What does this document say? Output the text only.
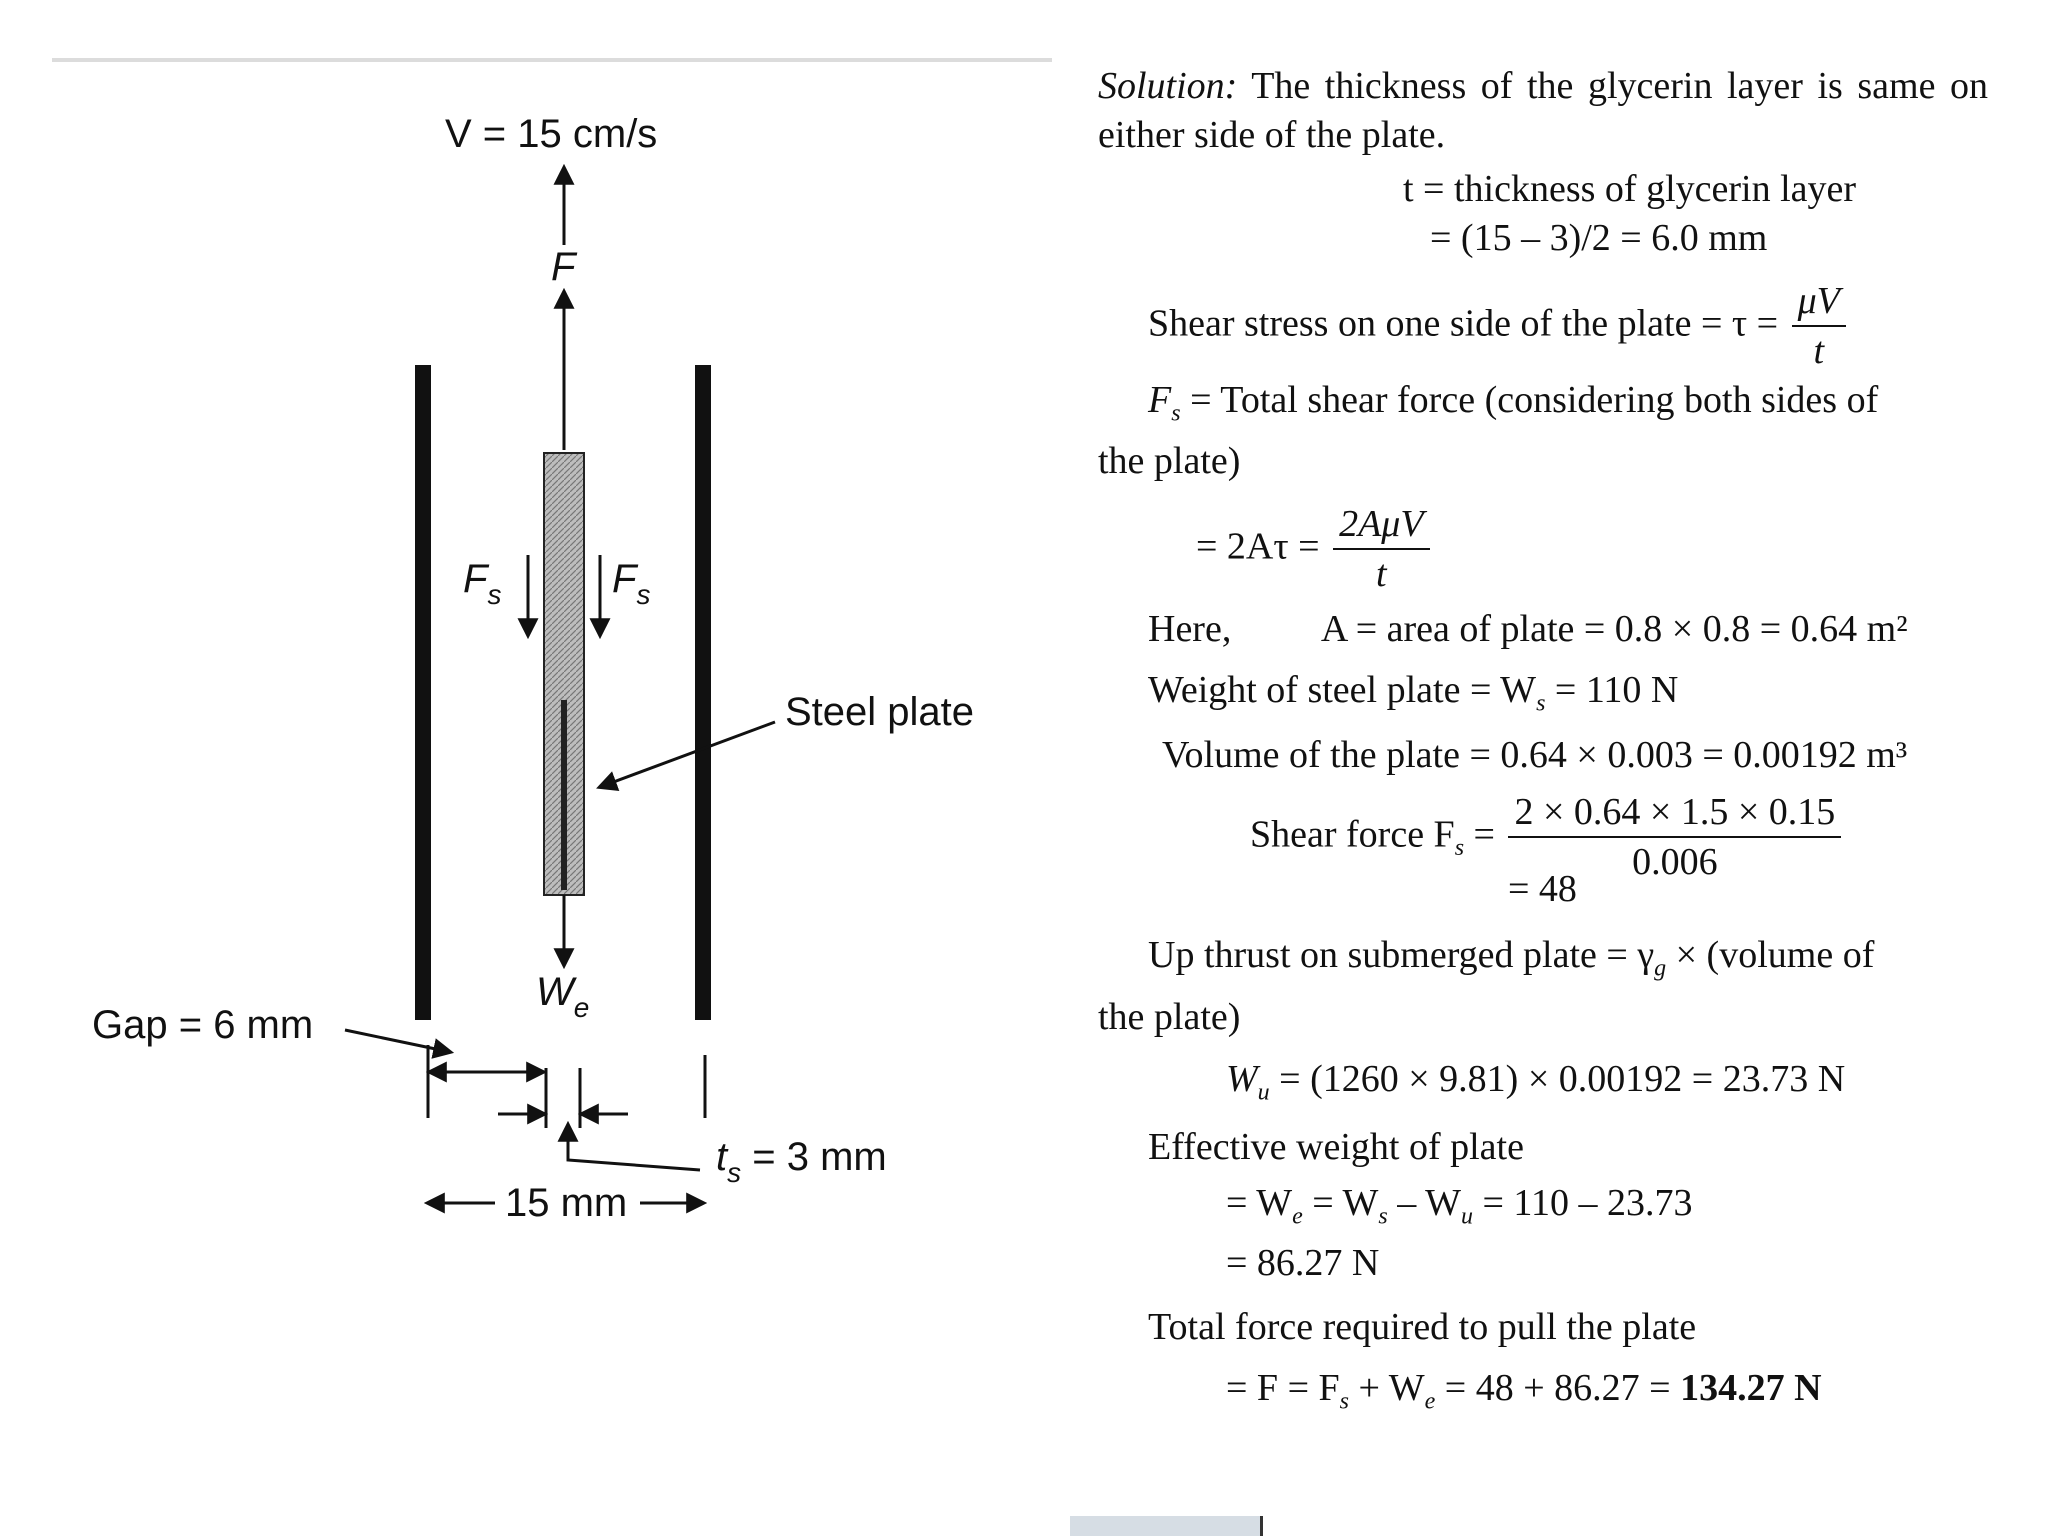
V = 15 cm/s
F
$F_s$	$F_s$
Steel plate
$W_e$
Gap = 6 mm
$t_s = 3$ mm
15 mm
Solution: The thickness of the glycerin layer is same on either side of the plate.
t = thickness of glycerin layer
= (15 – 3)/2 = 6.0 mm
Shear stress on one side of the plate = $\tau = \frac{\mu V}{t}$
$F_s$ = Total shear force (considering both sides of
the plate)
= $2A\tau = \frac{\text{2AμV}}{t}$
Here, A = area of plate = 0.8 × 0.8 = 0.64 m²
Weight of steel plate = $W_s = 110$ N
Volume of the plate = 0.64 × 0.003 = 0.00192 m³
Shear force $F_s = \frac{2 \times 0.64 \times 1.5 \times 0.15}{0.006}$
= 48
Up thrust on submerged plate = $\gamma_g$ × (volume of
the plate)
$W_u = (1260 \times 9.81) \times 0.00192 = 23.73$ N
Effective weight of plate
= $W_e = W_s - W_u = 110 - 23.73$
= 86.27 N
Total force required to pull the plate
= $F = F_s + W_e = 48 + 86.27 = 134.27$ N
